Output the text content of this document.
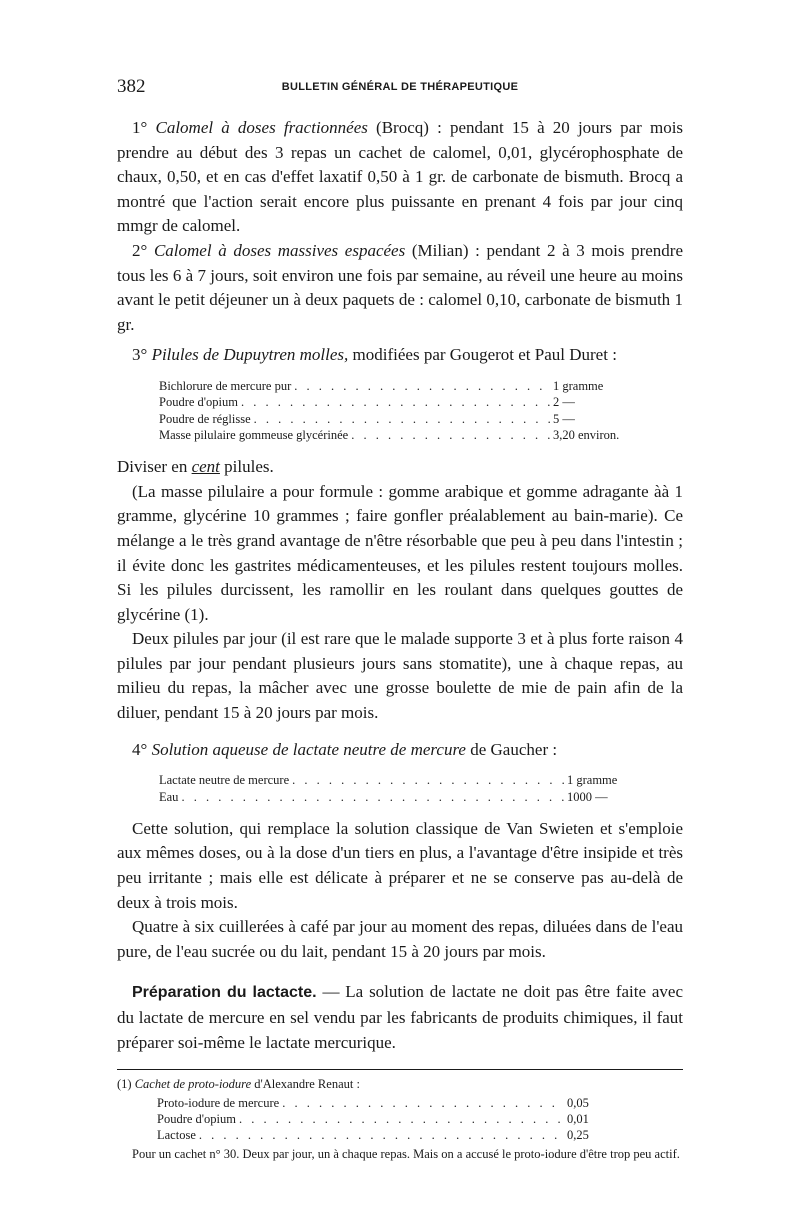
382	BULLETIN GÉNÉRAL DE THÉRAPEUTIQUE

1° Calomel à doses fractionnées (Brocq) : pendant 15 à 20 jours par mois prendre au début des 3 repas un cachet de calomel, 0,01, glycérophosphate de chaux, 0,50, et en cas d'effet laxatif 0,50 à 1 gr. de carbonate de bismuth. Brocq a montré que l'action serait encore plus puissante en prenant 4 fois par jour cinq mmgr de calomel.

2° Calomel à doses massives espacées (Milian) : pendant 2 à 3 mois prendre tous les 6 à 7 jours, soit environ une fois par semaine, au réveil une heure au moins avant le petit déjeuner un à deux paquets de : calomel 0,10, carbonate de bismuth 1 gr.

3° Pilules de Dupuytren molles, modifiées par Gougerot et Paul Duret :

Bichlorure de mercure pur . . .	1 gramme
Poudre d'opium . . .	2 —
Poudre de réglisse . . .	5 —
Masse pilulaire gommeuse glycérinée . . .	3,20 environ.

Diviser en cent pilules.

(La masse pilulaire a pour formule : gomme arabique et gomme adragante àà 1 gramme, glycérine 10 grammes ; faire gonfler préalablement au bain-marie). Ce mélange a le très grand avantage de n'être résorbable que peu à peu dans l'intestin ; il évite donc les gastrites médicamenteuses, et les pilules restent toujours molles. Si les pilules durcissent, les ramollir en les roulant dans quelques gouttes de glycérine (1).

Deux pilules par jour (il est rare que le malade supporte 3 et à plus forte raison 4 pilules par jour pendant plusieurs jours sans stomatite), une à chaque repas, au milieu du repas, la mâcher avec une grosse boulette de mie de pain afin de la diluer, pendant 15 à 20 jours par mois.

4° Solution aqueuse de lactate neutre de mercure de Gaucher :

Lactate neutre de mercure . . .	1 gramme
Eau . . .	1000 —

Cette solution, qui remplace la solution classique de Van Swieten et s'emploie aux mêmes doses, ou à la dose d'un tiers en plus, a l'avantage d'être insipide et très peu irritante ; mais elle est délicate à préparer et ne se conserve pas au-delà de deux à trois mois.

Quatre à six cuillerées à café par jour au moment des repas, diluées dans de l'eau pure, de l'eau sucrée ou du lait, pendant 15 à 20 jours par mois.

Préparation du lactacte. — La solution de lactate ne doit pas être faite avec du lactate de mercure en sel vendu par les fabricants de produits chimiques, il faut préparer soi-même le lactate mercurique.

(1) Cachet de proto-iodure d'Alexandre Renaut :

Proto-iodure de mercure . . .	0,05
Poudre d'opium . . .	0,01
Lactose . . .	0,25

Pour un cachet n° 30. Deux par jour, un à chaque repas. Mais on a accusé le proto-iodure d'être trop peu actif.
